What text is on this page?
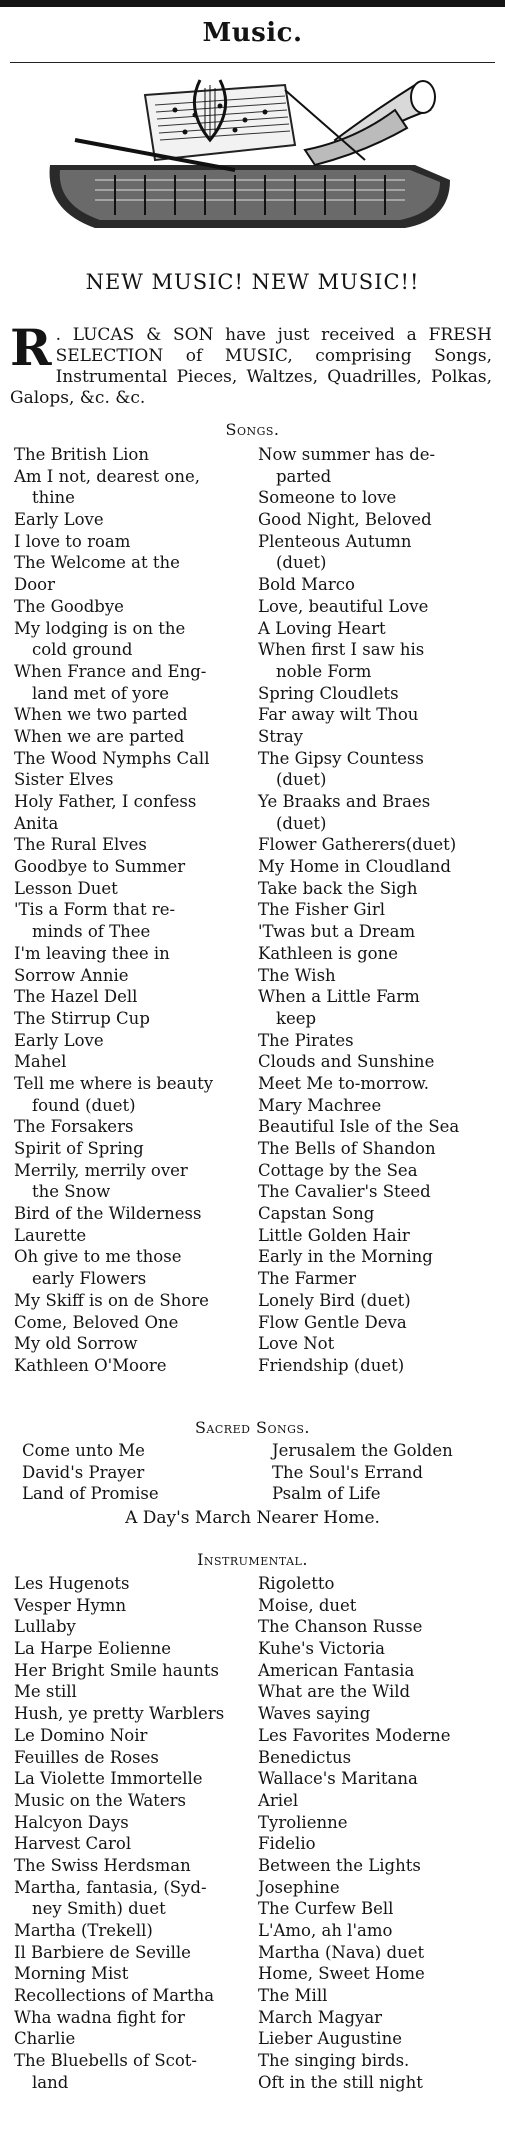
Music.
NEW MUSIC! NEW MUSIC!!
R . LUCAS & SON have just received a FRESH SELECTION of MUSIC, comprising Songs, Instrumental Pieces, Waltzes, Quadrilles, Polkas, Galops, &c. &c.
Songs.
The British Lion
Am I not, dearest one,
thine
Early Love
I love to roam
The Welcome at the
Door
The Goodbye
My lodging is on the
cold ground
When France and Eng-
land met of yore
When we two parted
When we are parted
The Wood Nymphs Call
Sister Elves
Holy Father, I confess
Anita
The Rural Elves
Goodbye to Summer
Lesson Duet
'Tis a Form that re-
minds of Thee
I'm leaving thee in
Sorrow Annie
The Hazel Dell
The Stirrup Cup
Early Love
Mahel
Tell me where is beauty
found (duet)
The Forsakers
Spirit of Spring
Merrily, merrily over
the Snow
Bird of the Wilderness
Laurette
Oh give to me those
early Flowers
My Skiff is on de Shore
Come, Beloved One
My old Sorrow
Kathleen O'Moore
Now summer has de-
parted
Someone to love
Good Night, Beloved
Plenteous Autumn
(duet)
Bold Marco
Love, beautiful Love
A Loving Heart
When first I saw his
noble Form
Spring Cloudlets
Far away wilt Thou
Stray
The Gipsy Countess
(duet)
Ye Braaks and Braes
(duet)
Flower Gatherers(duet)
My Home in Cloudland
Take back the Sigh
The Fisher Girl
'Twas but a Dream
Kathleen is gone
The Wish
When a Little Farm
keep
The Pirates
Clouds and Sunshine
Meet Me to-morrow.
Mary Machree
Beautiful Isle of the Sea
The Bells of Shandon
Cottage by the Sea
The Cavalier's Steed
Capstan Song
Little Golden Hair
Early in the Morning
The Farmer
Lonely Bird (duet)
Flow Gentle Deva
Love Not
Friendship (duet)
Sacred Songs.
Come unto Me
David's Prayer
Land of Promise
Jerusalem the Golden
The Soul's Errand
Psalm of Life
A Day's March Nearer Home.
Instrumental.
Les Hugenots
Vesper Hymn
Lullaby
La Harpe Eolienne
Her Bright Smile haunts
Me still
Hush, ye pretty Warblers
Le Domino Noir
Feuilles de Roses
La Violette Immortelle
Music on the Waters
Halcyon Days
Harvest Carol
The Swiss Herdsman
Martha, fantasia, (Syd-
ney Smith) duet
Martha (Trekell)
Il Barbiere de Seville
Morning Mist
Recollections of Martha
Wha wadna fight for
Charlie
The Bluebells of Scot-
land
Rigoletto
Moise, duet
The Chanson Russe
Kuhe's Victoria
American Fantasia
What are the Wild
Waves saying
Les Favorites Moderne
Benedictus
Wallace's Maritana
Ariel
Tyrolienne
Fidelio
Between the Lights
Josephine
The Curfew Bell
L'Amo, ah l'amo
Martha (Nava) duet
Home, Sweet Home
The Mill
March Magyar
Lieber Augustine
The singing birds.
Oft in the still night
